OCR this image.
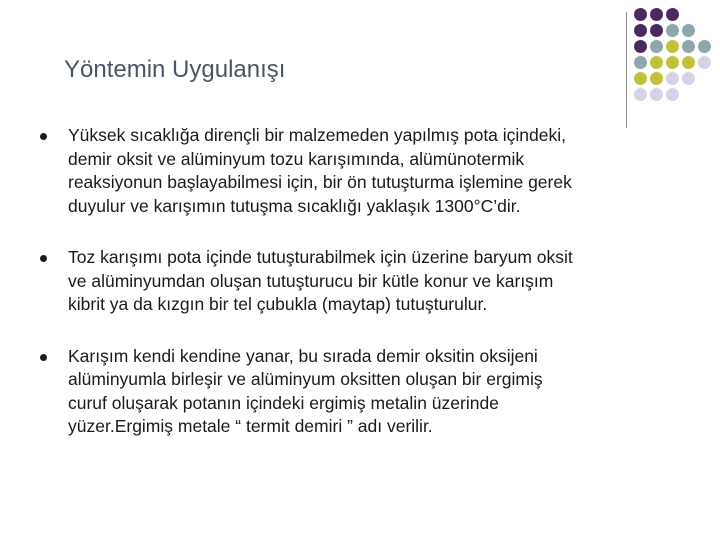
Yöntemin Uygulanışı
Yüksek sıcaklığa dirençli bir malzemeden yapılmış pota içindeki,
demir oksit ve alüminyum tozu karışımında, alümünotermik
reaksiyonun başlayabilmesi için, bir ön tutuşturma işlemine gerek
duyulur ve karışımın tutuşma sıcaklığı yaklaşık 1300°C’dir.
Toz karışımı pota içinde tutuşturabilmek için üzerine baryum oksit
ve alüminyumdan oluşan tutuşturucu bir kütle konur ve karışım
kibrit ya da kızgın bir tel çubukla (maytap) tutuşturulur.
Karışım kendi kendine yanar, bu sırada demir oksitin oksijeni
alüminyumla birleşir ve alüminyum oksitten oluşan bir ergimiş
curuf oluşarak potanın içindeki ergimiş metalin üzerinde
yüzer.Ergimiş metale “ termit demiri ” adı verilir.
